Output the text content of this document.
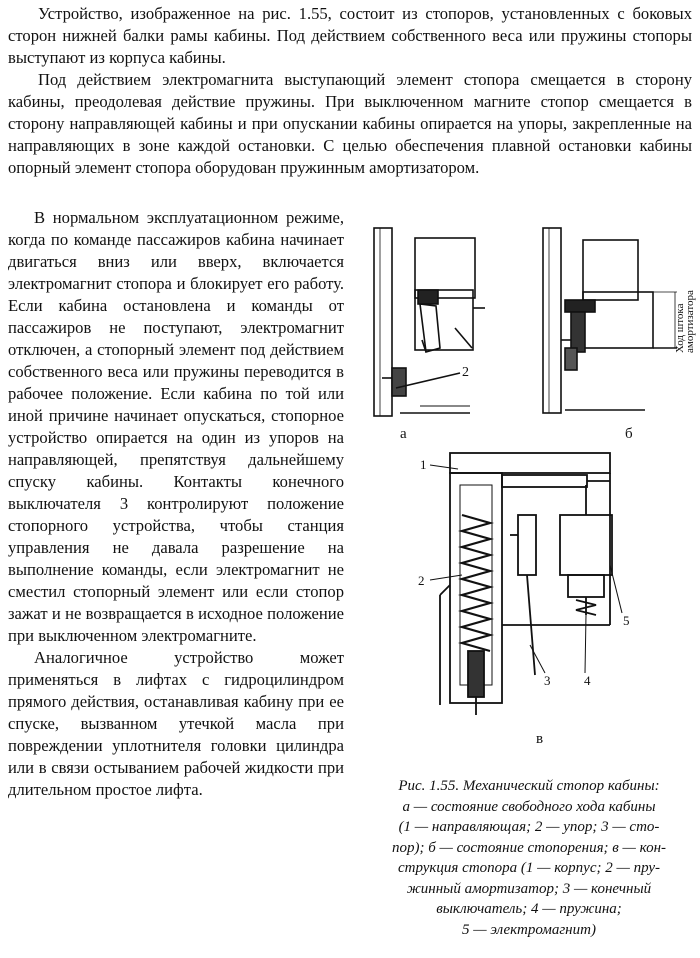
Устройство, изображенное на рис. 1.55, состоит из стопоров, установленных с боковых сторон нижней балки рамы кабины. Под действием собственного веса или пружины стопоры выступают из корпуса кабины.

Под действием электромагнита выступающий элемент стопора смещается в сторону кабины, преодолевая действие пружины. При выключенном магните стопор смещается в сторону направляющей кабины и при опускании кабины опирается на упоры, закрепленные на направляющих в зоне каждой остановки. С целью обеспечения плавной остановки кабины опорный элемент стопора оборудован пружинным амортизатором.

В нормальном эксплуатационном режиме, когда по команде пассажиров кабина начинает двигаться вниз или вверх, включается электромагнит стопора и блокирует его работу. Если кабина остановлена и команды от пассажиров не поступают, электромагнит отключен, а стопорный элемент под действием собственного веса или пружины переводится в рабочее положение. Если кабина по той или иной причине начинает опускаться, стопорное устройство опирается на один из упоров на направляющей, препятствуя дальнейшему спуску кабины. Контакты конечного выключателя 3 контролируют положение стопорного устройства, чтобы станция управления не давала разрешение на выполнение команды, если электромагнит не сместил стопорный элемент или если стопор зажат и не возвращается в исходное положение при выключенном электромагните.

Аналогичное устройство может применяться в лифтах с гидроцилиндром прямого действия, останавливая кабину при ее спуске, вызванном утечкой масла при повреждении уплотнителя головки цилиндра или в связи остыванием рабочей жидкости при длительном простое лифта.

2
а
Ход штока
амортизатора
б
1
2
3	4
5
в
Рис. 1.55. Механический стопор кабины:
а — состояние свободного хода кабины
(1 — направляющая; 2 — упор; 3 — сто-
пор); б — состояние стопорения; в — кон-
струкция стопора (1 — корпус; 2 — пру-
жинный амортизатор; 3 — конечный
выключатель; 4 — пружина;
5 — электромагнит)
